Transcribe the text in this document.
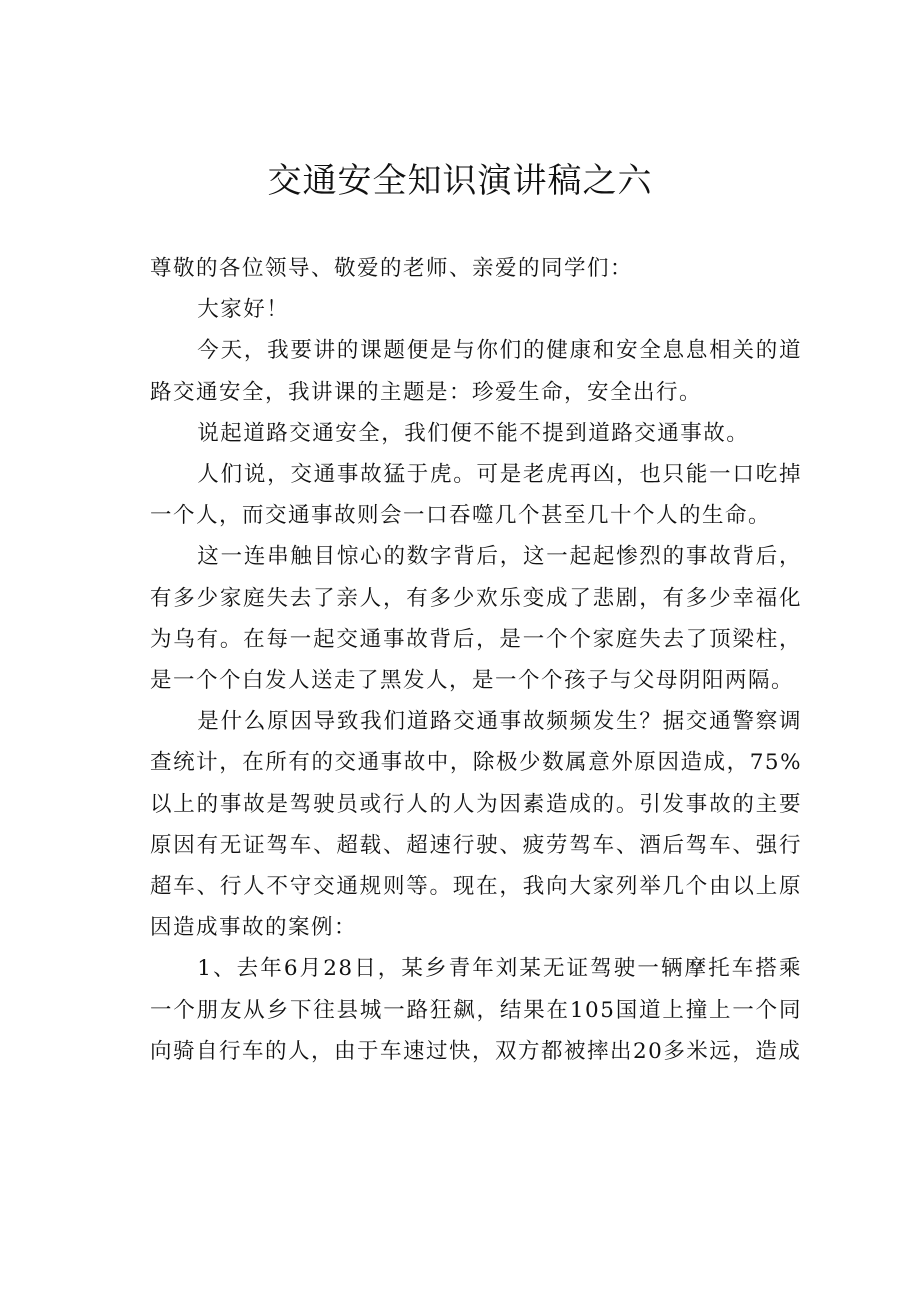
交通安全知识演讲稿之六

尊敬的各位领导、敬爱的老师、亲爱的同学们：

大家好！

今天，我要讲的课题便是与你们的健康和安全息息相关的道路交通安全，我讲课的主题是：珍爱生命，安全出行。

说起道路交通安全，我们便不能不提到道路交通事故。

人们说，交通事故猛于虎。可是老虎再凶，也只能一口吃掉一个人，而交通事故则会一口吞噬几个甚至几十个人的生命。

这一连串触目惊心的数字背后，这一起起惨烈的事故背后，有多少家庭失去了亲人，有多少欢乐变成了悲剧，有多少幸福化为乌有。在每一起交通事故背后，是一个个家庭失去了顶梁柱，是一个个白发人送走了黑发人，是一个个孩子与父母阴阳两隔。

是什么原因导致我们道路交通事故频频发生？据交通警察调查统计，在所有的交通事故中，除极少数属意外原因造成，75%以上的事故是驾驶员或行人的人为因素造成的。引发事故的主要原因有无证驾车、超载、超速行驶、疲劳驾车、酒后驾车、强行超车、行人不守交通规则等。现在，我向大家列举几个由以上原因造成事故的案例：

1、去年6月28日，某乡青年刘某无证驾驶一辆摩托车搭乘一个朋友从乡下往县城一路狂飙，结果在105国道上撞上一个同向骑自行车的人，由于车速过快，双方都被摔出20多米远，造成
